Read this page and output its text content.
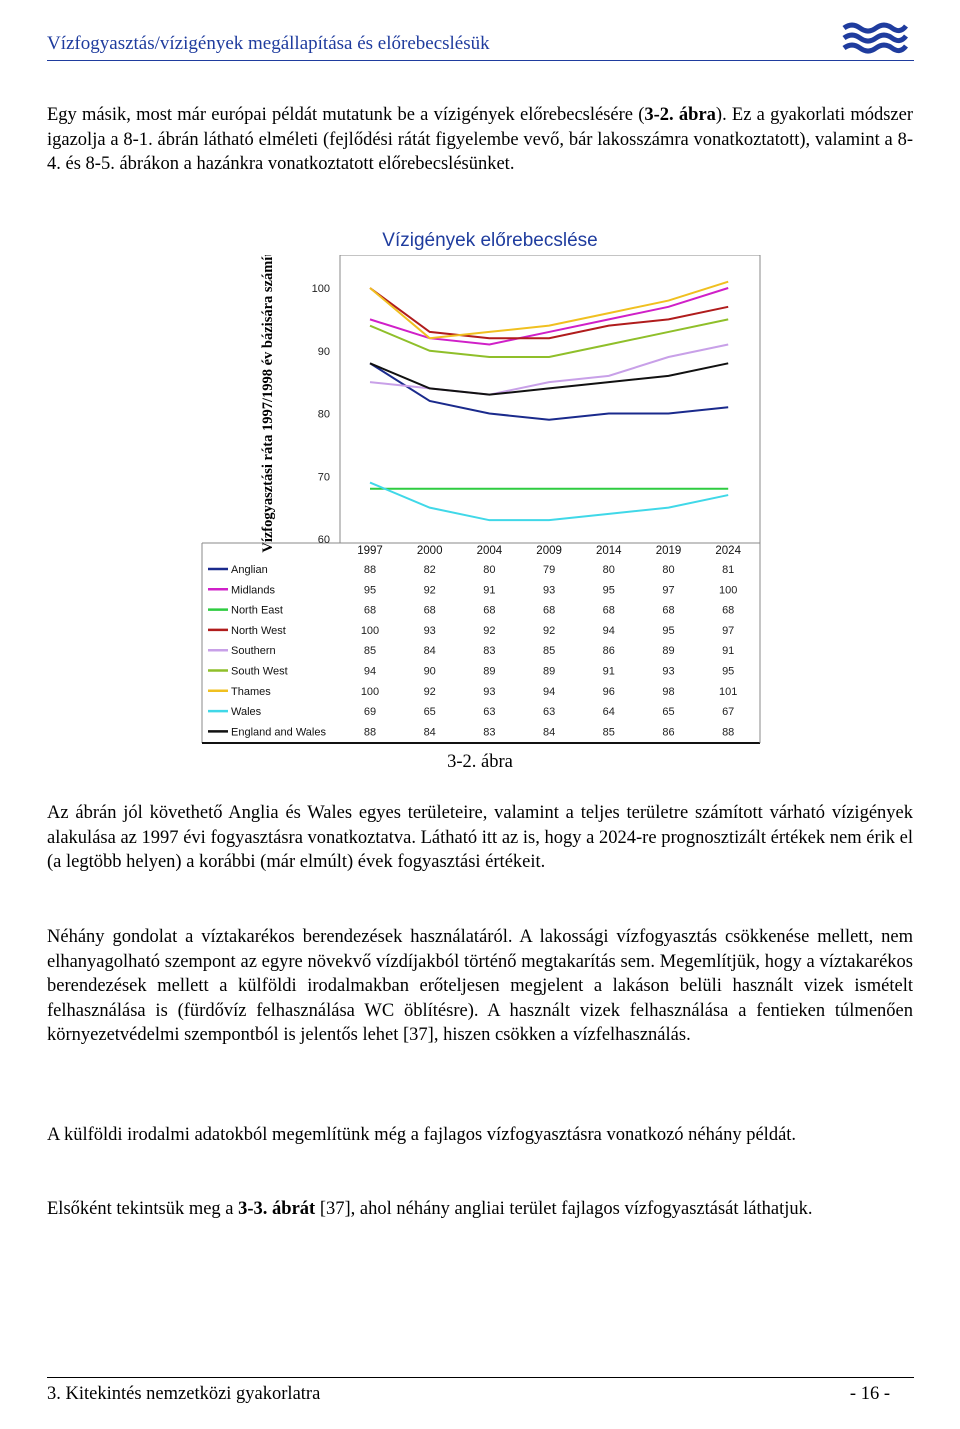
Vízfogyasztás/vízigények megállapítása és előrebecslésük

Egy másik, most már európai példát mutatunk be a vízigények előrebecslésére (3-2. ábra). Ez a gyakorlati módszer igazolja a 8-1. ábrán látható elméleti (fejlődési rátát figyelembe vevő, bár lakosszámra vonatkoztatott), valamint a 8-4. és 8-5. ábrákon a hazánkra vonatkoztatott előrebecslésünket.

Vízigények előrebecslése
Vízfogyasztási ráta 1997/1998 év bázisára számítva	100
90
80
70
60
1997	2000	2004	2009	2014	2019	2024
Anglian	88	82	80	79	80	80	81
Midlands	95	92	91	93	95	97	100
North East	68	68	68	68	68	68	68
North West	100	93	92	92	94	95	97
Southern	85	84	83	85	86	89	91
South West	94	90	89	89	91	93	95
Thames	100	92	93	94	96	98	101
Wales	69	65	63	63	64	65	67
England and Wales	88	84	83	84	85	86	88
3-2. ábra

Az ábrán jól követhető Anglia és Wales egyes területeire, valamint a teljes területre számított várható vízigények alakulása az 1997 évi fogyasztásra vonatkoztatva. Látható itt az is, hogy a 2024-re prognosztizált értékek nem érik el (a legtöbb helyen) a korábbi (már elmúlt) évek fogyasztási értékeit.

Néhány gondolat a víztakarékos berendezések használatáról. A lakossági vízfogyasztás csökkenése mellett, nem elhanyagolható szempont az egyre növekvő vízdíjakból történő megtakarítás sem. Megemlítjük, hogy a víztakarékos berendezések mellett a külföldi irodalmakban erőteljesen megjelent a lakáson belüli használt vizek ismételt felhasználása is (fürdővíz felhasználása WC öblítésre). A használt vizek felhasználása a fentieken túlmenően környezetvédelmi szempontból is jelentős lehet [37], hiszen csökken a vízfelhasználás.

A külföldi irodalmi adatokból megemlítünk még a fajlagos vízfogyasztásra vonatkozó néhány példát.

Elsőként tekintsük meg a 3-3. ábrát [37], ahol néhány angliai terület fajlagos vízfogyasztását láthatjuk.

3. Kitekintés nemzetközi gyakorlatra	- 16 -
